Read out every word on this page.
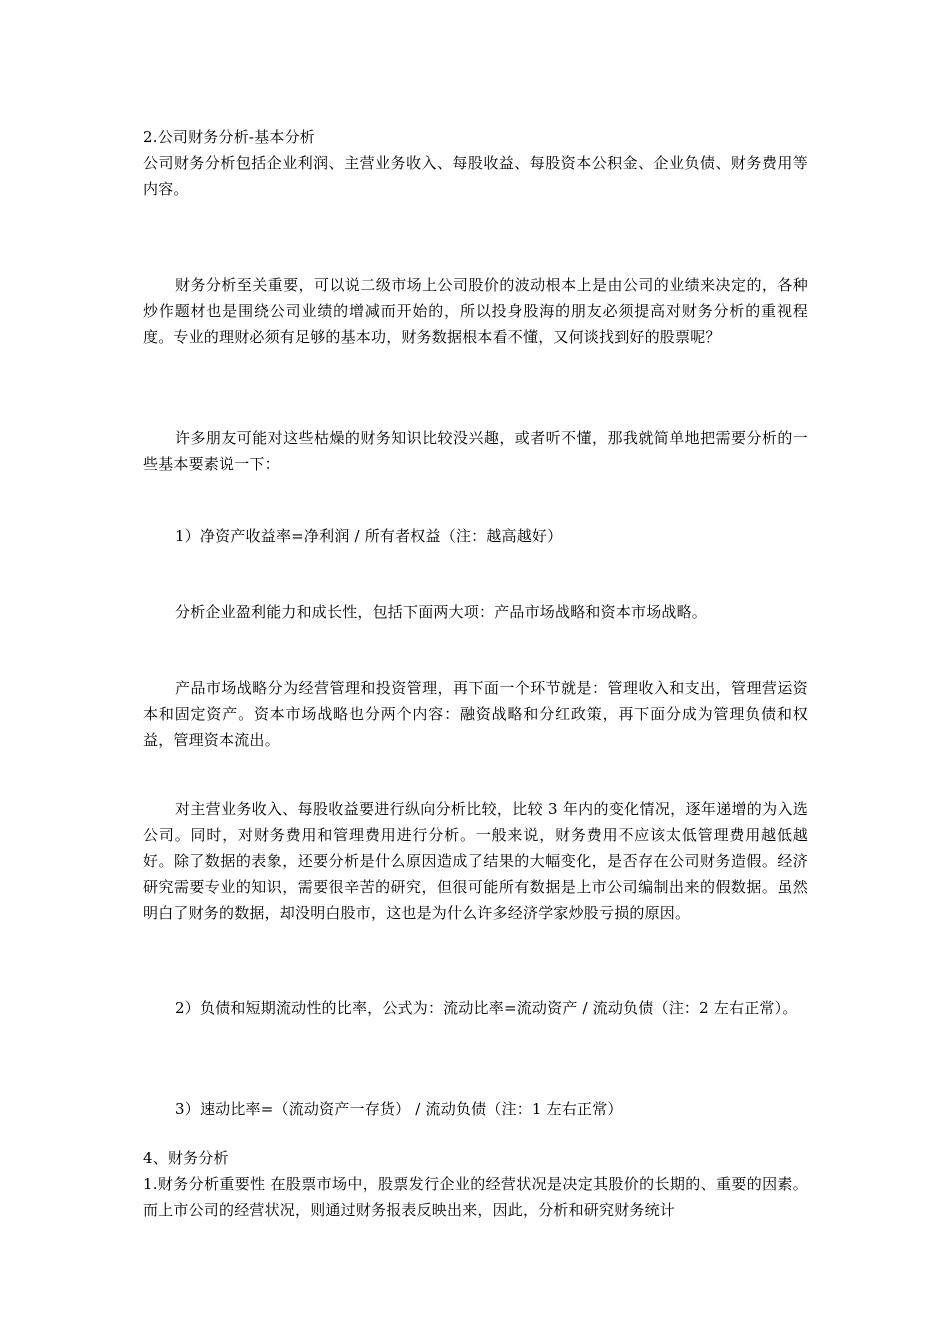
2.公司财务分析-基本分析

公司财务分析包括企业利润、主营业务收入、每股收益、每股资本公积金、企业负债、财务费用等内容。

财务分析至关重要，可以说二级市场上公司股价的波动根本上是由公司的业绩来决定的，各种炒作题材也是围绕公司业绩的增减而开始的，所以投身股海的朋友必须提高对财务分析的重视程度。专业的理财必须有足够的基本功，财务数据根本看不懂，又何谈找到好的股票呢？

许多朋友可能对这些枯燥的财务知识比较没兴趣，或者听不懂，那我就简单地把需要分析的一些基本要素说一下：

1）净资产收益率=净利润 / 所有者权益（注：越高越好）

分析企业盈利能力和成长性，包括下面两大项：产品市场战略和资本市场战略。

产品市场战略分为经营管理和投资管理，再下面一个环节就是：管理收入和支出，管理营运资本和固定资产。资本市场战略也分两个内容：融资战略和分红政策，再下面分成为管理负债和权益，管理资本流出。

对主营业务收入、每股收益要进行纵向分析比较，比较 3 年内的变化情况，逐年递增的为入选公司。同时，对财务费用和管理费用进行分析。一般来说，财务费用不应该太低管理费用越低越好。除了数据的表象，还要分析是什么原因造成了结果的大幅变化，是否存在公司财务造假。经济研究需要专业的知识，需要很辛苦的研究，但很可能所有数据是上市公司编制出来的假数据。虽然明白了财务的数据，却没明白股市，这也是为什么许多经济学家炒股亏损的原因。

2）负债和短期流动性的比率，公式为：流动比率=流动资产 / 流动负债（注：2 左右正常）。

3）速动比率=（流动资产一存货） / 流动负债（注：1 左右正常）

4、财务分析

1.财务分析重要性 在股票市场中，股票发行企业的经营状况是决定其股价的长期的、重要的因素。而上市公司的经营状况，则通过财务报表反映出来，因此，分析和研究财务统计
